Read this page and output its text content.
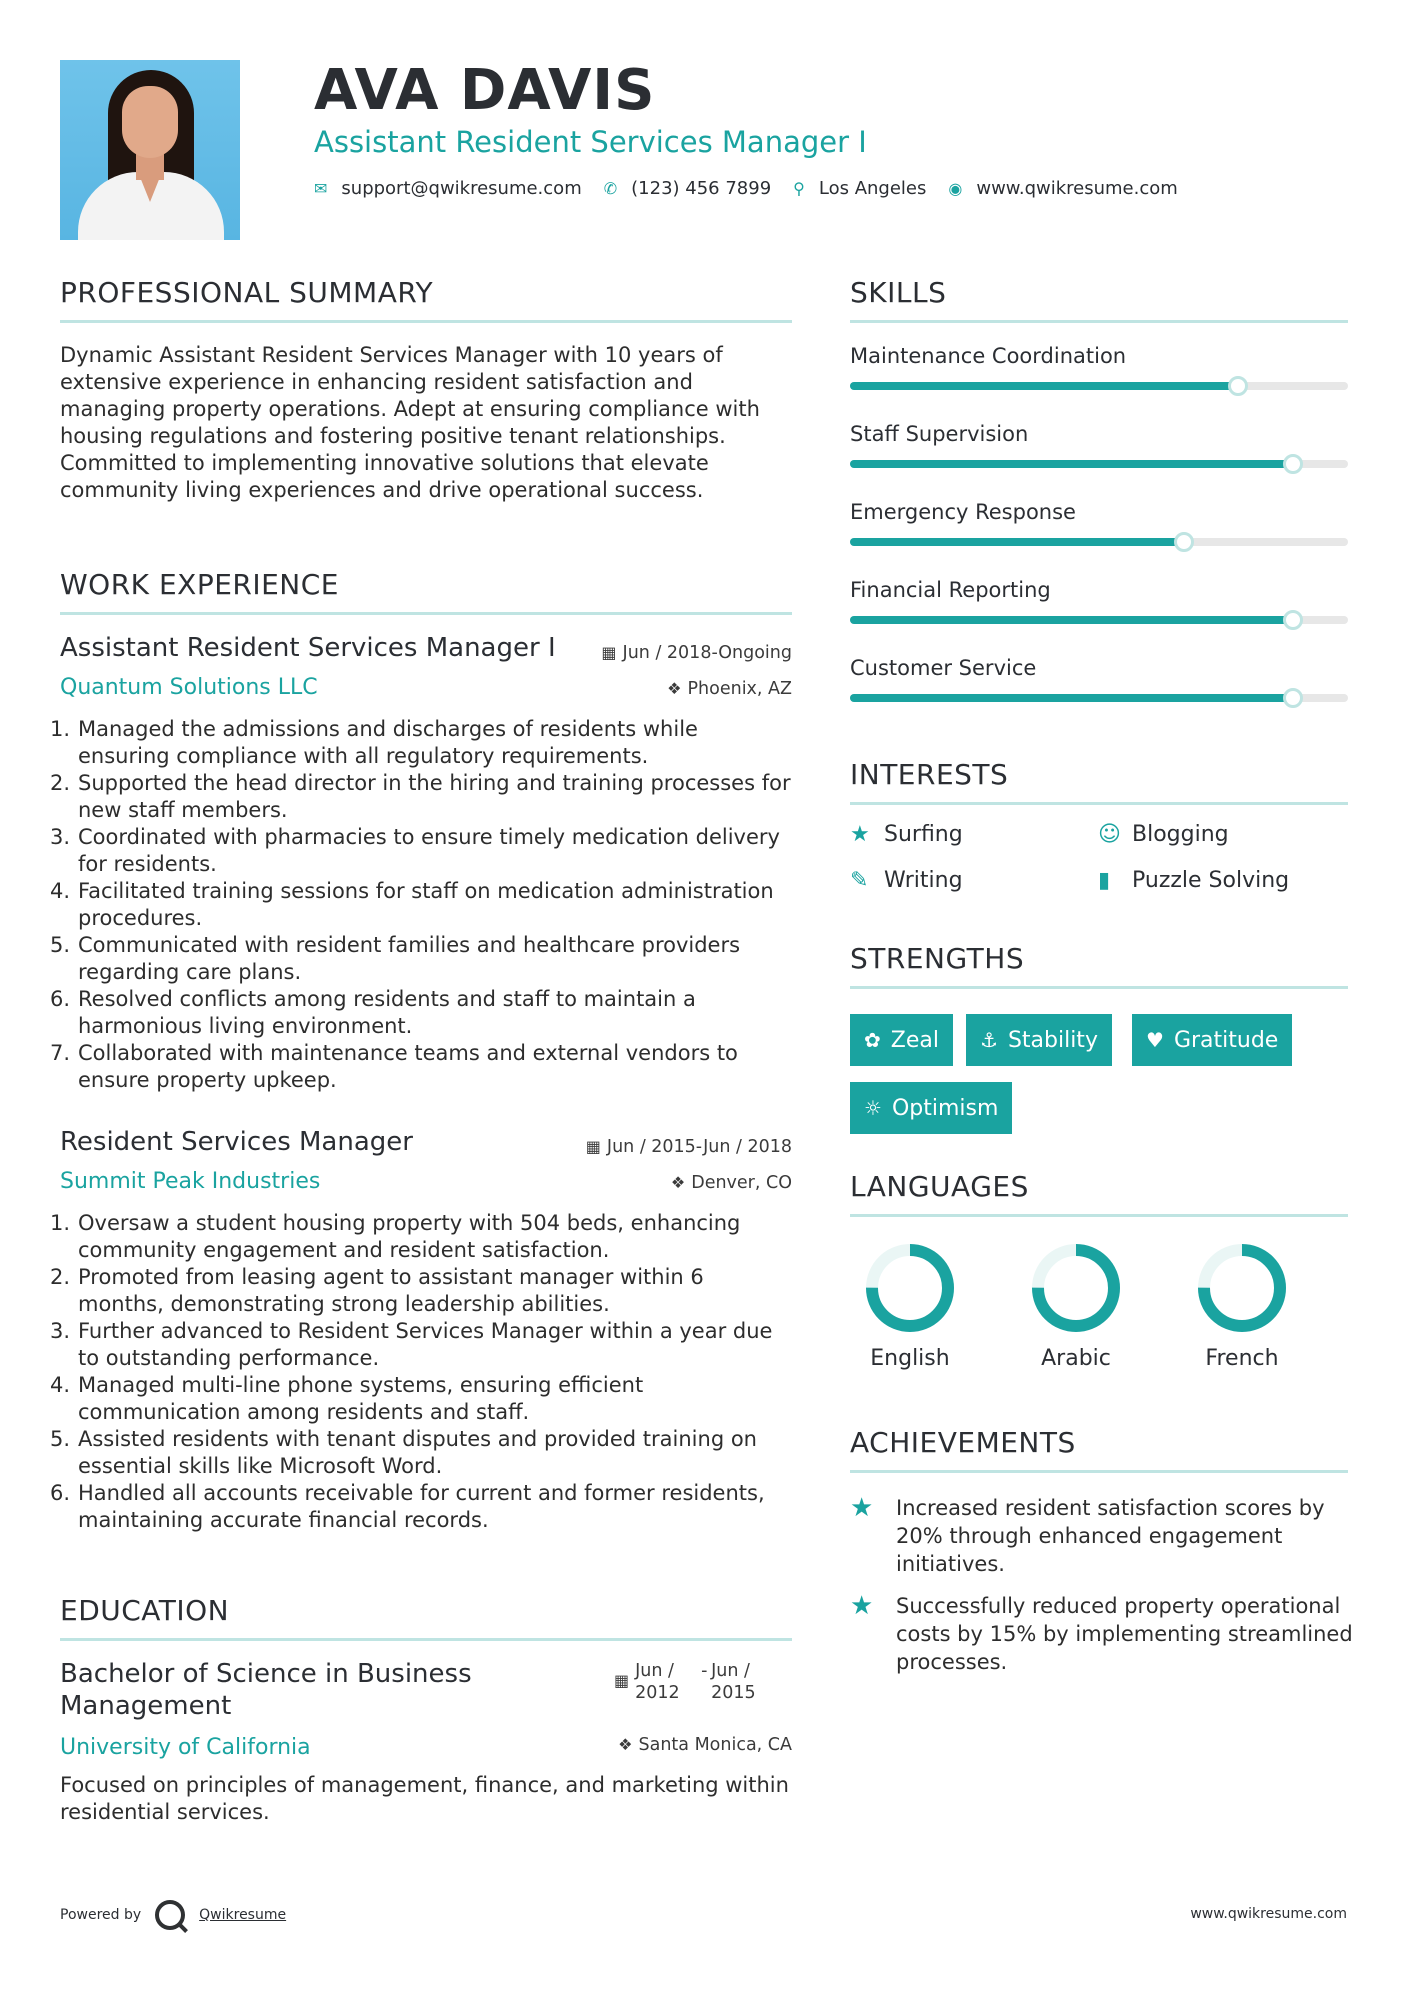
AVA DAVIS
Assistant Resident Services Manager I
✉ support@qwikresume.com ✆ (123) 456 7899 ⚲ Los Angeles ◉ www.qwikresume.com
PROFESSIONAL SUMMARY
Dynamic Assistant Resident Services Manager with 10 years of extensive experience in enhancing resident satisfaction and managing property operations. Adept at ensuring compliance with housing regulations and fostering positive tenant relationships. Committed to implementing innovative solutions that elevate community living experiences and drive operational success.
WORK EXPERIENCE
Assistant Resident Services Manager I	▦ Jun / 2018-Ongoing
Quantum Solutions LLC	❖ Phoenix, AZ
Managed the admissions and discharges of residents while ensuring compliance with all regulatory requirements.
Supported the head director in the hiring and training processes for new staff members.
Coordinated with pharmacies to ensure timely medication delivery for residents.
Facilitated training sessions for staff on medication administration procedures.
Communicated with resident families and healthcare providers regarding care plans.
Resolved conflicts among residents and staff to maintain a harmonious living environment.
Collaborated with maintenance teams and external vendors to ensure property upkeep.
Resident Services Manager	▦ Jun / 2015-Jun / 2018
Summit Peak Industries	❖ Denver, CO
Oversaw a student housing property with 504 beds, enhancing community engagement and resident satisfaction.
Promoted from leasing agent to assistant manager within 6 months, demonstrating strong leadership abilities.
Further advanced to Resident Services Manager within a year due to outstanding performance.
Managed multi-line phone systems, ensuring efficient communication among residents and staff.
Assisted residents with tenant disputes and provided training on essential skills like Microsoft Word.
Handled all accounts receivable for current and former residents, maintaining accurate financial records.
EDUCATION
Bachelor of Science in Business Management
▦ Jun / 2012
- Jun / 2015
University of California	❖ Santa Monica, CA
Focused on principles of management, finance, and marketing within residential services.
SKILLS
Maintenance Coordination
Staff Supervision
Emergency Response
Financial Reporting
Customer Service
INTERESTS
★ Surfing	☺ Blogging
✎ Writing	▮ Puzzle Solving
STRENGTHS
✿ Zeal ⚓ Stability ♥ Gratitude
☼ Optimism
LANGUAGES
English	Arabic	French
ACHIEVEMENTS
★	Increased resident satisfaction scores by 20% through enhanced engagement initiatives.
★	Successfully reduced property operational costs by 15% by implementing streamlined processes.
Powered by	Qwikresume	www.qwikresume.com
